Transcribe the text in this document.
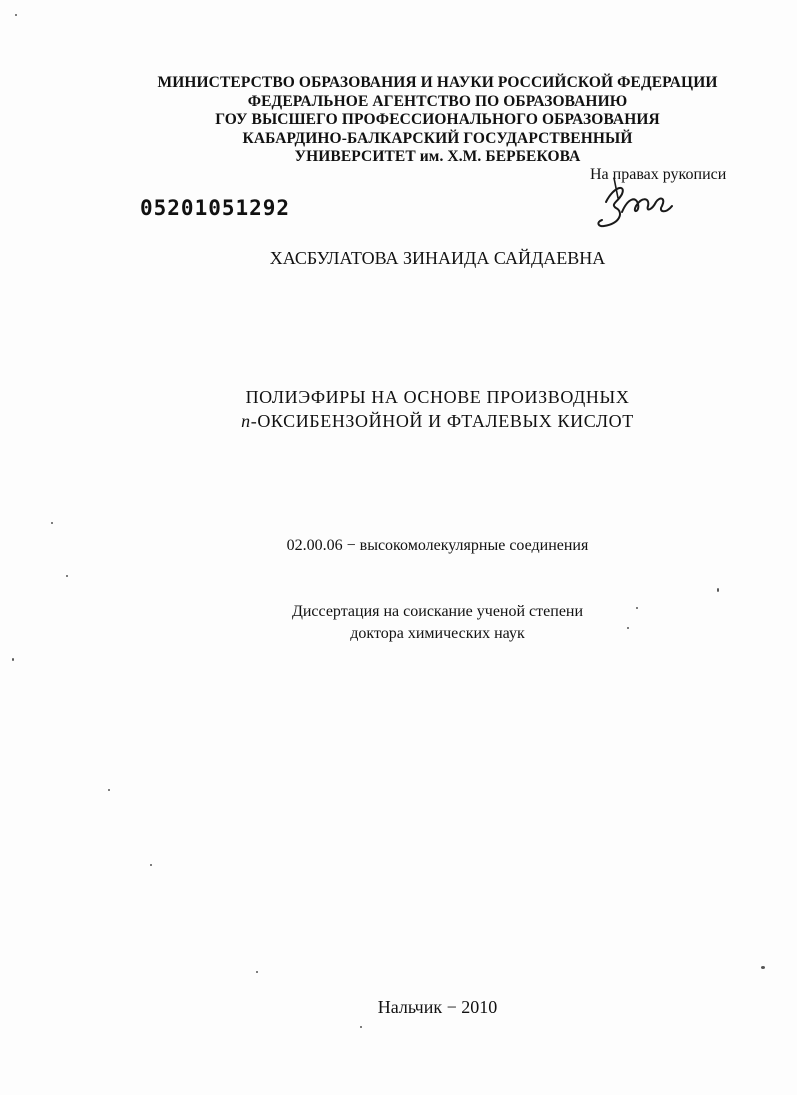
МИНИСТЕРСТВО ОБРАЗОВАНИЯ И НАУКИ РОССИЙСКОЙ ФЕДЕРАЦИИ
ФЕДЕРАЛЬНОЕ АГЕНТСТВО ПО ОБРАЗОВАНИЮ
ГОУ ВЫСШЕГО ПРОФЕССИОНАЛЬНОГО ОБРАЗОВАНИЯ
КАБАРДИНО-БАЛКАРСКИЙ ГОСУДАРСТВЕННЫЙ
УНИВЕРСИТЕТ им. Х.М. БЕРБЕКОВА
На правах рукописи
05201051292
ХАСБУЛАТОВА ЗИНАИДА САЙДАЕВНА
ПОЛИЭФИРЫ НА ОСНОВЕ ПРОИЗВОДНЫХ
п-ОКСИБЕНЗОЙНОЙ И ФТАЛЕВЫХ КИСЛОТ
02.00.06 − высокомолекулярные соединения
Диссертация на соискание ученой степени
доктора химических наук
Нальчик − 2010
